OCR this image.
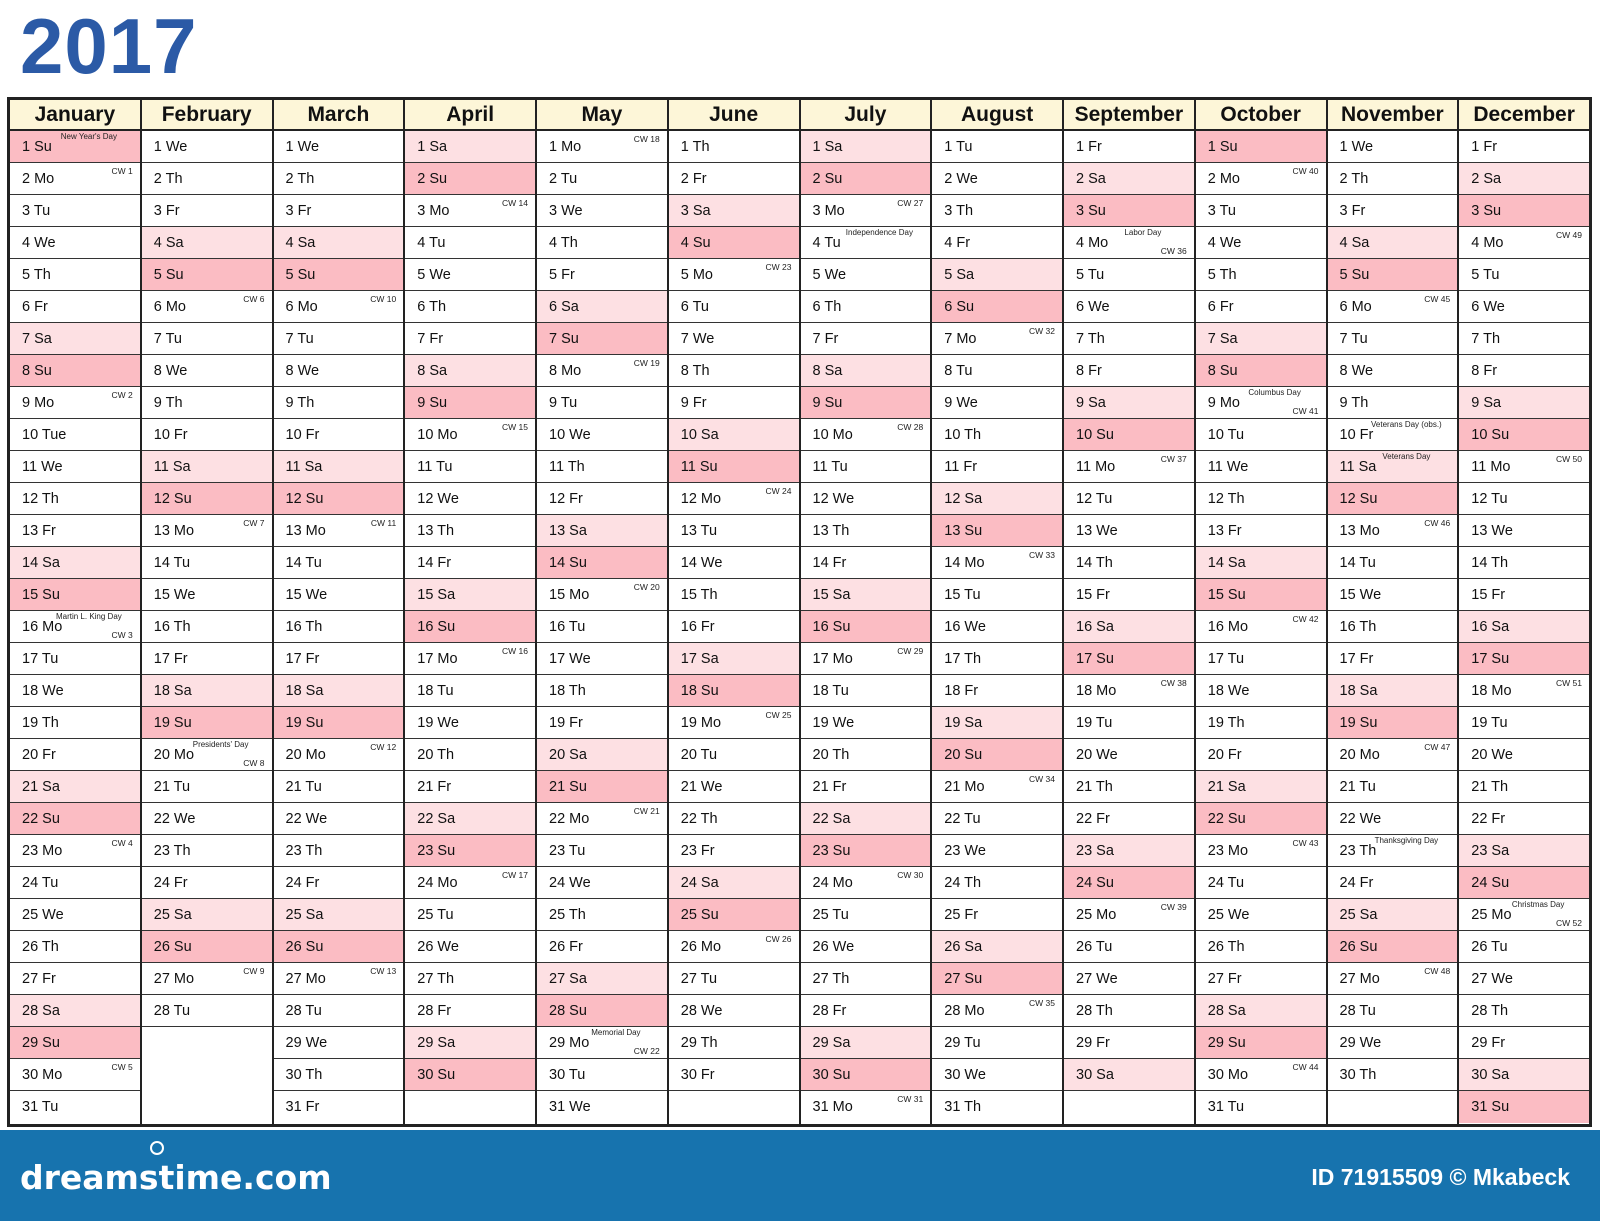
2017
January
1 Su
New Year's Day
2 Mo	CW 1
3 Tu
4 We
5 Th
6 Fr
7 Sa
8 Su
9 Mo	CW 2
10 Tue
11 We
12 Th
13 Fr
14 Sa
15 Su
16 Mo
Martin L. King Day
CW 3
17 Tu
18 We
19 Th
20 Fr
21 Sa
22 Su
23 Mo	CW 4
24 Tu
25 We
26 Th
27 Fr
28 Sa
29 Su
30 Mo	CW 5
31 Tu
February
1 We
2 Th
3 Fr
4 Sa
5 Su
6 Mo	CW 6
7 Tu
8 We
9 Th
10 Fr
11 Sa
12 Su
13 Mo	CW 7
14 Tu
15 We
16 Th
17 Fr
18 Sa
19 Su
20 Mo
Presidents' Day
CW 8
21 Tu
22 We
23 Th
24 Fr
25 Sa
26 Su
27 Mo	CW 9
28 Tu
March
1 We
2 Th
3 Fr
4 Sa
5 Su
6 Mo	CW 10
7 Tu
8 We
9 Th
10 Fr
11 Sa
12 Su
13 Mo	CW 11
14 Tu
15 We
16 Th
17 Fr
18 Sa
19 Su
20 Mo	CW 12
21 Tu
22 We
23 Th
24 Fr
25 Sa
26 Su
27 Mo	CW 13
28 Tu
29 We
30 Th
31 Fr
April
1 Sa
2 Su
3 Mo	CW 14
4 Tu
5 We
6 Th
7 Fr
8 Sa
9 Su
10 Mo	CW 15
11 Tu
12 We
13 Th
14 Fr
15 Sa
16 Su
17 Mo	CW 16
18 Tu
19 We
20 Th
21 Fr
22 Sa
23 Su
24 Mo	CW 17
25 Tu
26 We
27 Th
28 Fr
29 Sa
30 Su
May
1 Mo	CW 18
2 Tu
3 We
4 Th
5 Fr
6 Sa
7 Su
8 Mo	CW 19
9 Tu
10 We
11 Th
12 Fr
13 Sa
14 Su
15 Mo	CW 20
16 Tu
17 We
18 Th
19 Fr
20 Sa
21 Su
22 Mo	CW 21
23 Tu
24 We
25 Th
26 Fr
27 Sa
28 Su
29 Mo
Memorial Day
CW 22
30 Tu
31 We
June
1 Th
2 Fr
3 Sa
4 Su
5 Mo	CW 23
6 Tu
7 We
8 Th
9 Fr
10 Sa
11 Su
12 Mo	CW 24
13 Tu
14 We
15 Th
16 Fr
17 Sa
18 Su
19 Mo	CW 25
20 Tu
21 We
22 Th
23 Fr
24 Sa
25 Su
26 Mo	CW 26
27 Tu
28 We
29 Th
30 Fr
July
1 Sa
2 Su
3 Mo	CW 27
4 Tu
Independence Day
5 We
6 Th
7 Fr
8 Sa
9 Su
10 Mo	CW 28
11 Tu
12 We
13 Th
14 Fr
15 Sa
16 Su
17 Mo	CW 29
18 Tu
19 We
20 Th
21 Fr
22 Sa
23 Su
24 Mo	CW 30
25 Tu
26 We
27 Th
28 Fr
29 Sa
30 Su
31 Mo	CW 31
August
1 Tu
2 We
3 Th
4 Fr
5 Sa
6 Su
7 Mo	CW 32
8 Tu
9 We
10 Th
11 Fr
12 Sa
13 Su
14 Mo	CW 33
15 Tu
16 We
17 Th
18 Fr
19 Sa
20 Su
21 Mo	CW 34
22 Tu
23 We
24 Th
25 Fr
26 Sa
27 Su
28 Mo	CW 35
29 Tu
30 We
31 Th
September
1 Fr
2 Sa
3 Su
4 Mo
Labor Day
CW 36
5 Tu
6 We
7 Th
8 Fr
9 Sa
10 Su
11 Mo	CW 37
12 Tu
13 We
14 Th
15 Fr
16 Sa
17 Su
18 Mo	CW 38
19 Tu
20 We
21 Th
22 Fr
23 Sa
24 Su
25 Mo	CW 39
26 Tu
27 We
28 Th
29 Fr
30 Sa
October
1 Su
2 Mo	CW 40
3 Tu
4 We
5 Th
6 Fr
7 Sa
8 Su
9 Mo
Columbus Day
CW 41
10 Tu
11 We
12 Th
13 Fr
14 Sa
15 Su
16 Mo	CW 42
17 Tu
18 We
19 Th
20 Fr
21 Sa
22 Su
23 Mo	CW 43
24 Tu
25 We
26 Th
27 Fr
28 Sa
29 Su
30 Mo	CW 44
31 Tu
November
1 We
2 Th
3 Fr
4 Sa
5 Su
6 Mo	CW 45
7 Tu
8 We
9 Th
10 Fr
Veterans Day (obs.)
11 Sa
Veterans Day
12 Su
13 Mo	CW 46
14 Tu
15 We
16 Th
17 Fr
18 Sa
19 Su
20 Mo	CW 47
21 Tu
22 We
23 Th
Thanksgiving Day
24 Fr
25 Sa
26 Su
27 Mo	CW 48
28 Tu
29 We
30 Th
December
1 Fr
2 Sa
3 Su
4 Mo	CW 49
5 Tu
6 We
7 Th
8 Fr
9 Sa
10 Su
11 Mo	CW 50
12 Tu
13 We
14 Th
15 Fr
16 Sa
17 Su
18 Mo	CW 51
19 Tu
20 We
21 Th
22 Fr
23 Sa
24 Su
25 Mo
Christmas Day
CW 52
26 Tu
27 We
28 Th
29 Fr
30 Sa
31 Su
dreamstime.com	ID 71915509 © Mkabeck
